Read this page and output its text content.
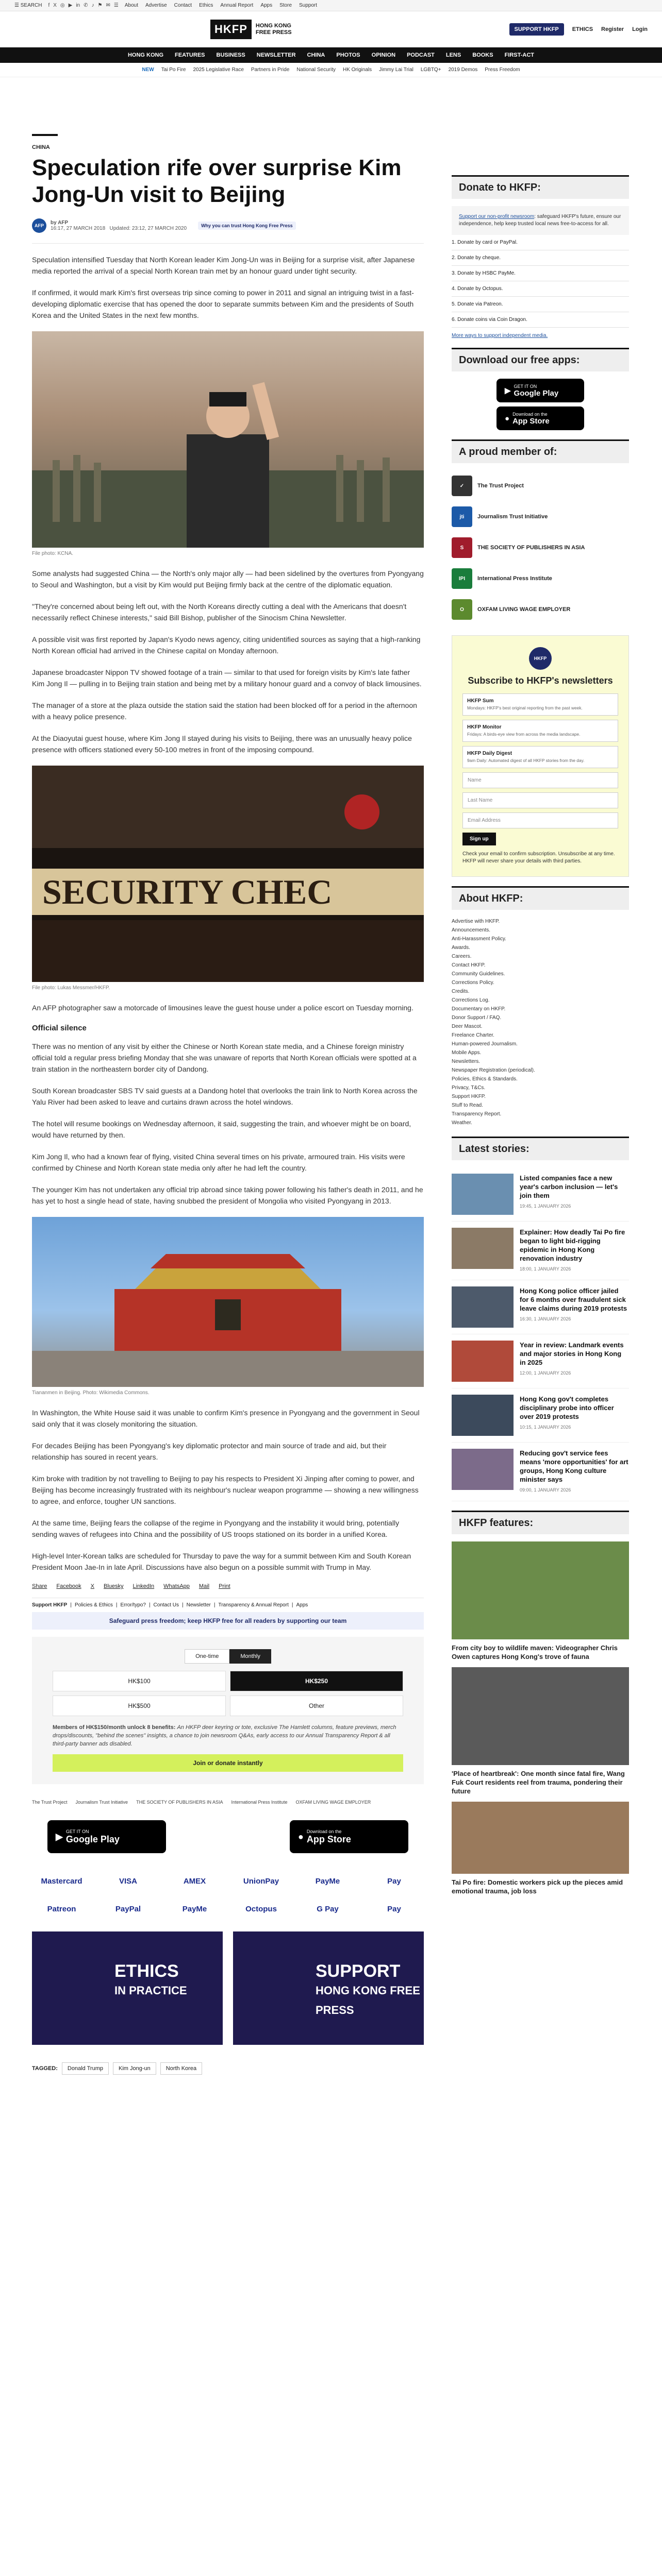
☰ SEARCH f X ◎ ▶ in ✆ ♪ ⚑ ✉ ☰ About Advertise Contact Ethics Annual Report Apps Store Support
HKFP	HONG KONG
FREE PRESS	SUPPORT HKFP	ETHICS Register Login
HONG KONG FEATURES BUSINESS NEWSLETTER CHINA PHOTOS OPINION PODCAST LENS BOOKS FIRST-ACT
NEW Tai Po Fire 2025 Legislative Race Partners in Pride National Security HK Originals Jimmy Lai Trial LGBTQ+ 2019 Demos Press Freedom
CHINA
Speculation rife over surprise Kim Jong-Un visit to Beijing
AFP	by AFP
16:17, 27 MARCH 2018 Updated: 23:12, 27 MARCH 2020	Why you can trust Hong Kong Free Press

Speculation intensified Tuesday that North Korean leader Kim Jong-Un was in Beijing for a surprise visit, after Japanese media reported the arrival of a special North Korean train met by an honour guard under tight security.

If confirmed, it would mark Kim's first overseas trip since coming to power in 2011 and signal an intriguing twist in a fast-developing diplomatic exercise that has opened the door to separate summits between Kim and the presidents of South Korea and the United States in the next few months.

File photo: KCNA.

Some analysts had suggested China — the North's only major ally — had been sidelined by the overtures from Pyongyang to Seoul and Washington, but a visit by Kim would put Beijing firmly back at the centre of the diplomatic equation.

"They're concerned about being left out, with the North Koreans directly cutting a deal with the Americans that doesn't necessarily reflect Chinese interests," said Bill Bishop, publisher of the Sinocism China Newsletter.

A possible visit was first reported by Japan's Kyodo news agency, citing unidentified sources as saying that a high-ranking North Korean official had arrived in the Chinese capital on Monday afternoon.

Japanese broadcaster Nippon TV showed footage of a train — similar to that used for foreign visits by Kim's late father Kim Jong Il — pulling in to Beijing train station and being met by a military honour guard and a convoy of black limousines.

The manager of a store at the plaza outside the station said the station had been blocked off for a period in the afternoon with a heavy police presence.

At the Diaoyutai guest house, where Kim Jong Il stayed during his visits to Beijing, there was an unusually heavy police presence with officers stationed every 50-100 metres in front of the imposing compound.

SECURITY CHEC
File photo: Lukas Messmer/HKFP.

An AFP photographer saw a motorcade of limousines leave the guest house under a police escort on Tuesday morning.

Official silence

There was no mention of any visit by either the Chinese or North Korean state media, and a Chinese foreign ministry official told a regular press briefing Monday that she was unaware of reports that North Korean officials were spotted at a train station in the northeastern border city of Dandong.

South Korean broadcaster SBS TV said guests at a Dandong hotel that overlooks the train link to North Korea across the Yalu River had been asked to leave and curtains drawn across the hotel windows.

The hotel will resume bookings on Wednesday afternoon, it said, suggesting the train, and whoever might be on board, would have returned by then.

Kim Jong Il, who had a known fear of flying, visited China several times on his private, armoured train. His visits were confirmed by Chinese and North Korean state media only after he had left the country.

The younger Kim has not undertaken any official trip abroad since taking power following his father's death in 2011, and he has yet to host a single head of state, having snubbed the president of Mongolia who visited Pyongyang in 2013.

Tiananmen in Beijing. Photo: Wikimedia Commons.

In Washington, the White House said it was unable to confirm Kim's presence in Pyongyang and the government in Seoul said only that it was closely monitoring the situation.

For decades Beijing has been Pyongyang's key diplomatic protector and main source of trade and aid, but their relationship has soured in recent years.

Kim broke with tradition by not travelling to Beijing to pay his respects to President Xi Jinping after coming to power, and Beijing has become increasingly frustrated with its neighbour's nuclear weapon programme — showing a new willingness to agree, and enforce, tougher UN sanctions.

At the same time, Beijing fears the collapse of the regime in Pyongyang and the instability it would bring, potentially sending waves of refugees into China and the possibility of US troops stationed on its border in a unified Korea.

High-level Inter-Korean talks are scheduled for Thursday to pave the way for a summit between Kim and South Korean President Moon Jae-In in late April. Discussions have also begun on a possible summit with Trump in May.

Share Facebook X Bluesky LinkedIn WhatsApp Mail Print
Support HKFP | Policies & Ethics | Error/typo? | Contact Us | Newsletter | Transparency & Annual Report | Apps
Safeguard press freedom; keep HKFP free for all readers by supporting our team
One-time	Monthly
HK$100	HK$250
HK$500	Other
Members of HK$150/month unlock 8 benefits: An HKFP deer keyring or tote, exclusive The Hamlett columns, feature previews, merch drops/discounts, "behind the scenes" insights, a chance to join newsroom Q&As, early access to our Annual Transparency Report & all third-party banner ads disabled.
Join or donate instantly
The Trust Project Journalism Trust Initiative THE SOCIETY OF PUBLISHERS IN ASIA International Press Institute OXFAM LIVING WAGE EMPLOYER
▶ GET IT ON
Google Play	● Download on the
App Store
Mastercard	VISA	AMEX	UnionPay	PayMe	Pay
Patreon	PayPal	PayMe	Octopus	G Pay	Pay
ETHICS
IN PRACTICE
SUPPORT
HONG KONG FREE PRESS
TAGGED:	Donald Trump	Kim Jong-un	North Korea
Donate to HKFP:

Support our non-profit newsroom: safeguard HKFP's future, ensure our independence, help keep trusted local news free-to-access for all.

1. Donate by card or PayPal.
2. Donate by cheque.
3. Donate by HSBC PayMe.
4. Donate by Octopus.
5. Donate via Patreon.
6. Donate coins via Coin Dragon.

More ways to support independent media.

Download our free apps:
▶
GET IT ON
Google Play
● Download on the
App Store
A proud member of:
✓	The Trust Project
jti	Journalism Trust Initiative
S	THE SOCIETY OF PUBLISHERS IN ASIA
IPI	International Press Institute
O	OXFAM LIVING WAGE EMPLOYER
HKFP
Subscribe to HKFP's newsletters
HKFP Sum
Mondays: HKFP's best original reporting from the past week.
HKFP Monitor
Fridays: A birds-eye view from across the media landscape.
HKFP Daily Digest
9am Daily: Automated digest of all HKFP stories from the day.
Name
Last Name
Email Address
Sign up

Check your email to confirm subscription. Unsubscribe at any time. HKFP will never share your details with third parties.

About HKFP:
Advertise with HKFP.
Announcements.
Anti-Harassment Policy.
Awards.
Careers.
Contact HKFP.
Community Guidelines.
Corrections Policy.
Credits.
Corrections Log.
Documentary on HKFP.
Donor Support / FAQ.
Deer Mascot.
Freelance Charter.
Human-powered Journalism.
Mobile Apps.
Newsletters.
Newspaper Registration (periodical).
Policies, Ethics & Standards.
Privacy, T&Cs.
Support HKFP.
Stuff to Read.
Transparency Report.
Weather.
Latest stories:
Listed companies face a new year's carbon inclusion — let's join them
19:45, 1 JANUARY 2026
Explainer: How deadly Tai Po fire began to light bid-rigging epidemic in Hong Kong renovation industry
18:00, 1 JANUARY 2026
Hong Kong police officer jailed for 6 months over fraudulent sick leave claims during 2019 protests
16:30, 1 JANUARY 2026
Year in review: Landmark events and major stories in Hong Kong in 2025
12:00, 1 JANUARY 2026
Hong Kong gov't completes disciplinary probe into officer over 2019 protests
10:15, 1 JANUARY 2026
Reducing gov't service fees means 'more opportunities' for art groups, Hong Kong culture minister says
09:00, 1 JANUARY 2026
HKFP features:
From city boy to wildlife maven: Videographer Chris Owen captures Hong Kong's trove of fauna
'Place of heartbreak': One month since fatal fire, Wang Fuk Court residents reel from trauma, pondering their future
Tai Po fire: Domestic workers pick up the pieces amid emotional trauma, job loss
